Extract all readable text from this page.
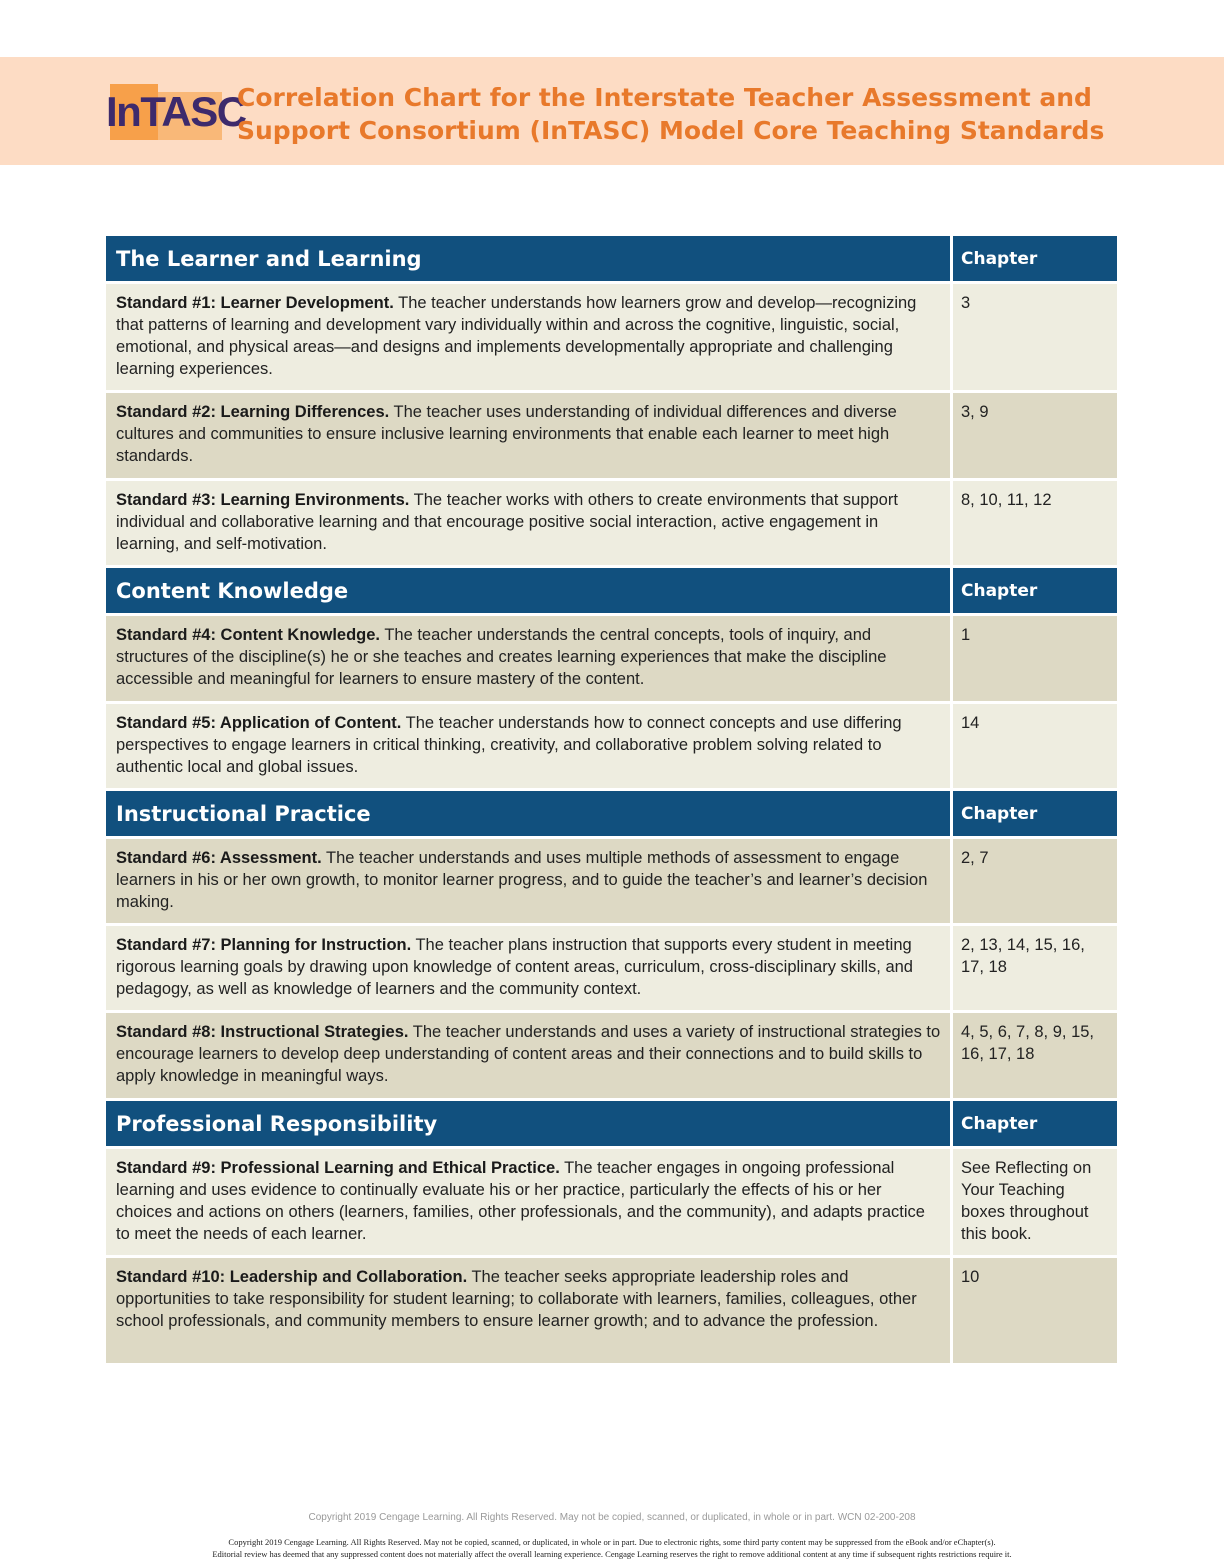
InTASC
Correlation Chart for the Interstate Teacher Assessment and
Support Consortium (InTASC) Model Core Teaching Standards
The Learner and Learning	Chapter
Standard #1: Learner Development. The teacher understands how learners grow and develop—recognizing that patterns of learning and development vary individually within and across the cognitive, linguistic, social, emotional, and physical areas—and designs and implements developmentally appropriate and challenging learning experiences.	3
Standard #2: Learning Differences. The teacher uses understanding of individual differences and diverse cultures and communities to ensure inclusive learning environments that enable each learner to meet high standards.	3, 9
Standard #3: Learning Environments. The teacher works with others to create environments that support individual and collaborative learning and that encourage positive social interaction, active engagement in learning, and self-motivation.	8, 10, 11, 12
Content Knowledge	Chapter
Standard #4: Content Knowledge. The teacher understands the central concepts, tools of inquiry, and structures of the discipline(s) he or she teaches and creates learning experiences that make the discipline accessible and meaningful for learners to ensure mastery of the content.	1
Standard #5: Application of Content. The teacher understands how to connect concepts and use differing perspectives to engage learners in critical thinking, creativity, and collaborative problem solving related to authentic local and global issues.	14
Instructional Practice	Chapter
Standard #6: Assessment. The teacher understands and uses multiple methods of assessment to engage learners in his or her own growth, to monitor learner progress, and to guide the teacher’s and learner’s decision making.	2, 7
Standard #7: Planning for Instruction. The teacher plans instruction that supports every student in meeting rigorous learning goals by drawing upon knowledge of content areas, curriculum, cross-disciplinary skills, and pedagogy, as well as knowledge of learners and the community context.	2, 13, 14, 15, 16, 17, 18
Standard #8: Instructional Strategies. The teacher understands and uses a variety of instructional strategies to encourage learners to develop deep understanding of content areas and their connections and to build skills to apply knowledge in meaningful ways.	4, 5, 6, 7, 8, 9, 15, 16, 17, 18
Professional Responsibility	Chapter
Standard #9: Professional Learning and Ethical Practice. The teacher engages in ongoing professional learning and uses evidence to continually evaluate his or her practice, particularly the effects of his or her choices and actions on others (learners, families, other professionals, and the community), and adapts practice to meet the needs of each learner.	See Reflecting on Your Teaching boxes throughout this book.
Standard #10: Leadership and Collaboration. The teacher seeks appropriate leadership roles and opportunities to take responsibility for student learning; to collaborate with learners, families, colleagues, other school professionals, and community members to ensure learner growth; and to advance the profession.	10
Copyright 2019 Cengage Learning. All Rights Reserved. May not be copied, scanned, or duplicated, in whole or in part. WCN 02-200-208
Copyright 2019 Cengage Learning. All Rights Reserved. May not be copied, scanned, or duplicated, in whole or in part. Due to electronic rights, some third party content may be suppressed from the eBook and/or eChapter(s).
Editorial review has deemed that any suppressed content does not materially affect the overall learning experience. Cengage Learning reserves the right to remove additional content at any time if subsequent rights restrictions require it.
